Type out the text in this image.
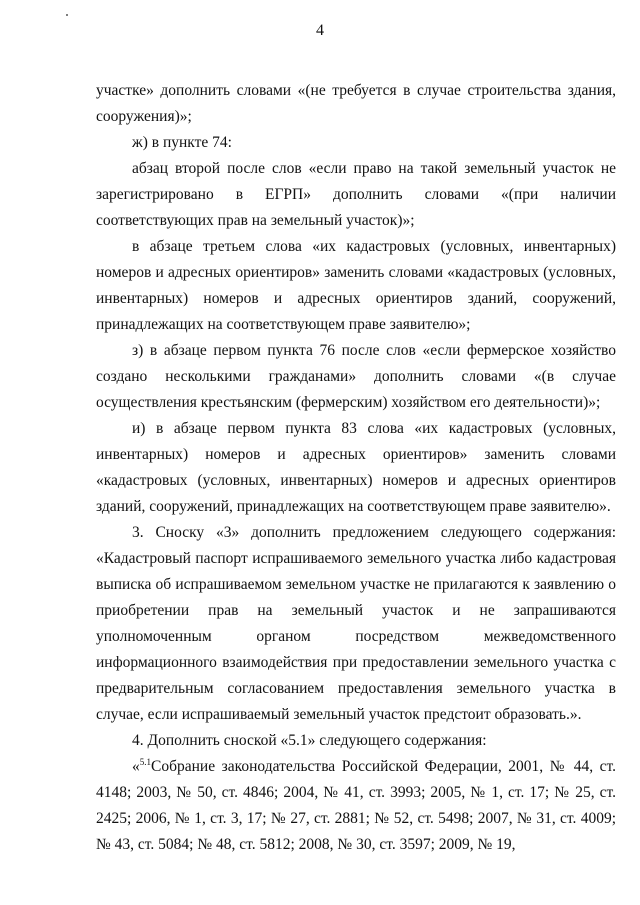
4

участке» дополнить словами «(не требуется в случае строительства здания, сооружения)»;

ж) в пункте 74:

абзац второй после слов «если право на такой земельный участок не зарегистрировано в ЕГРП» дополнить словами «(при наличии соответствующих прав на земельный участок)»;

в абзаце третьем слова «их кадастровых (условных, инвентарных) номеров и адресных ориентиров» заменить словами «кадастровых (условных, инвентарных) номеров и адресных ориентиров зданий, сооружений, принадлежащих на соответствующем праве заявителю»;

з) в абзаце первом пункта 76 после слов «если фермерское хозяйство создано несколькими гражданами» дополнить словами «(в случае осуществления крестьянским (фермерским) хозяйством его деятельности)»;

и) в абзаце первом пункта 83 слова «их кадастровых (условных, инвентарных) номеров и адресных ориентиров» заменить словами «кадастровых (условных, инвентарных) номеров и адресных ориентиров зданий, сооружений, принадлежащих на соответствующем праве заявителю».

3. Сноску «3» дополнить предложением следующего содержания: «Кадастровый паспорт испрашиваемого земельного участка либо кадастровая выписка об испрашиваемом земельном участке не прилагаются к заявлению о приобретении прав на земельный участок и не запрашиваются уполномоченным органом посредством межведомственного информационного взаимодействия при предоставлении земельного участка с предварительным согласованием предоставления земельного участка в случае, если испрашиваемый земельный участок предстоит образовать.».

4. Дополнить сноской «5.1» следующего содержания:

«$^{5.1}$Собрание законодательства Российской Федерации, 2001, № 44, ст. 4148; 2003, № 50, ст. 4846; 2004, № 41, ст. 3993; 2005, № 1, ст. 17; № 25, ст. 2425; 2006, № 1, ст. 3, 17; № 27, ст. 2881; № 52, ст. 5498; 2007, № 31, ст. 4009; № 43, ст. 5084; № 48, ст. 5812; 2008, № 30, ст. 3597; 2009, № 19,
